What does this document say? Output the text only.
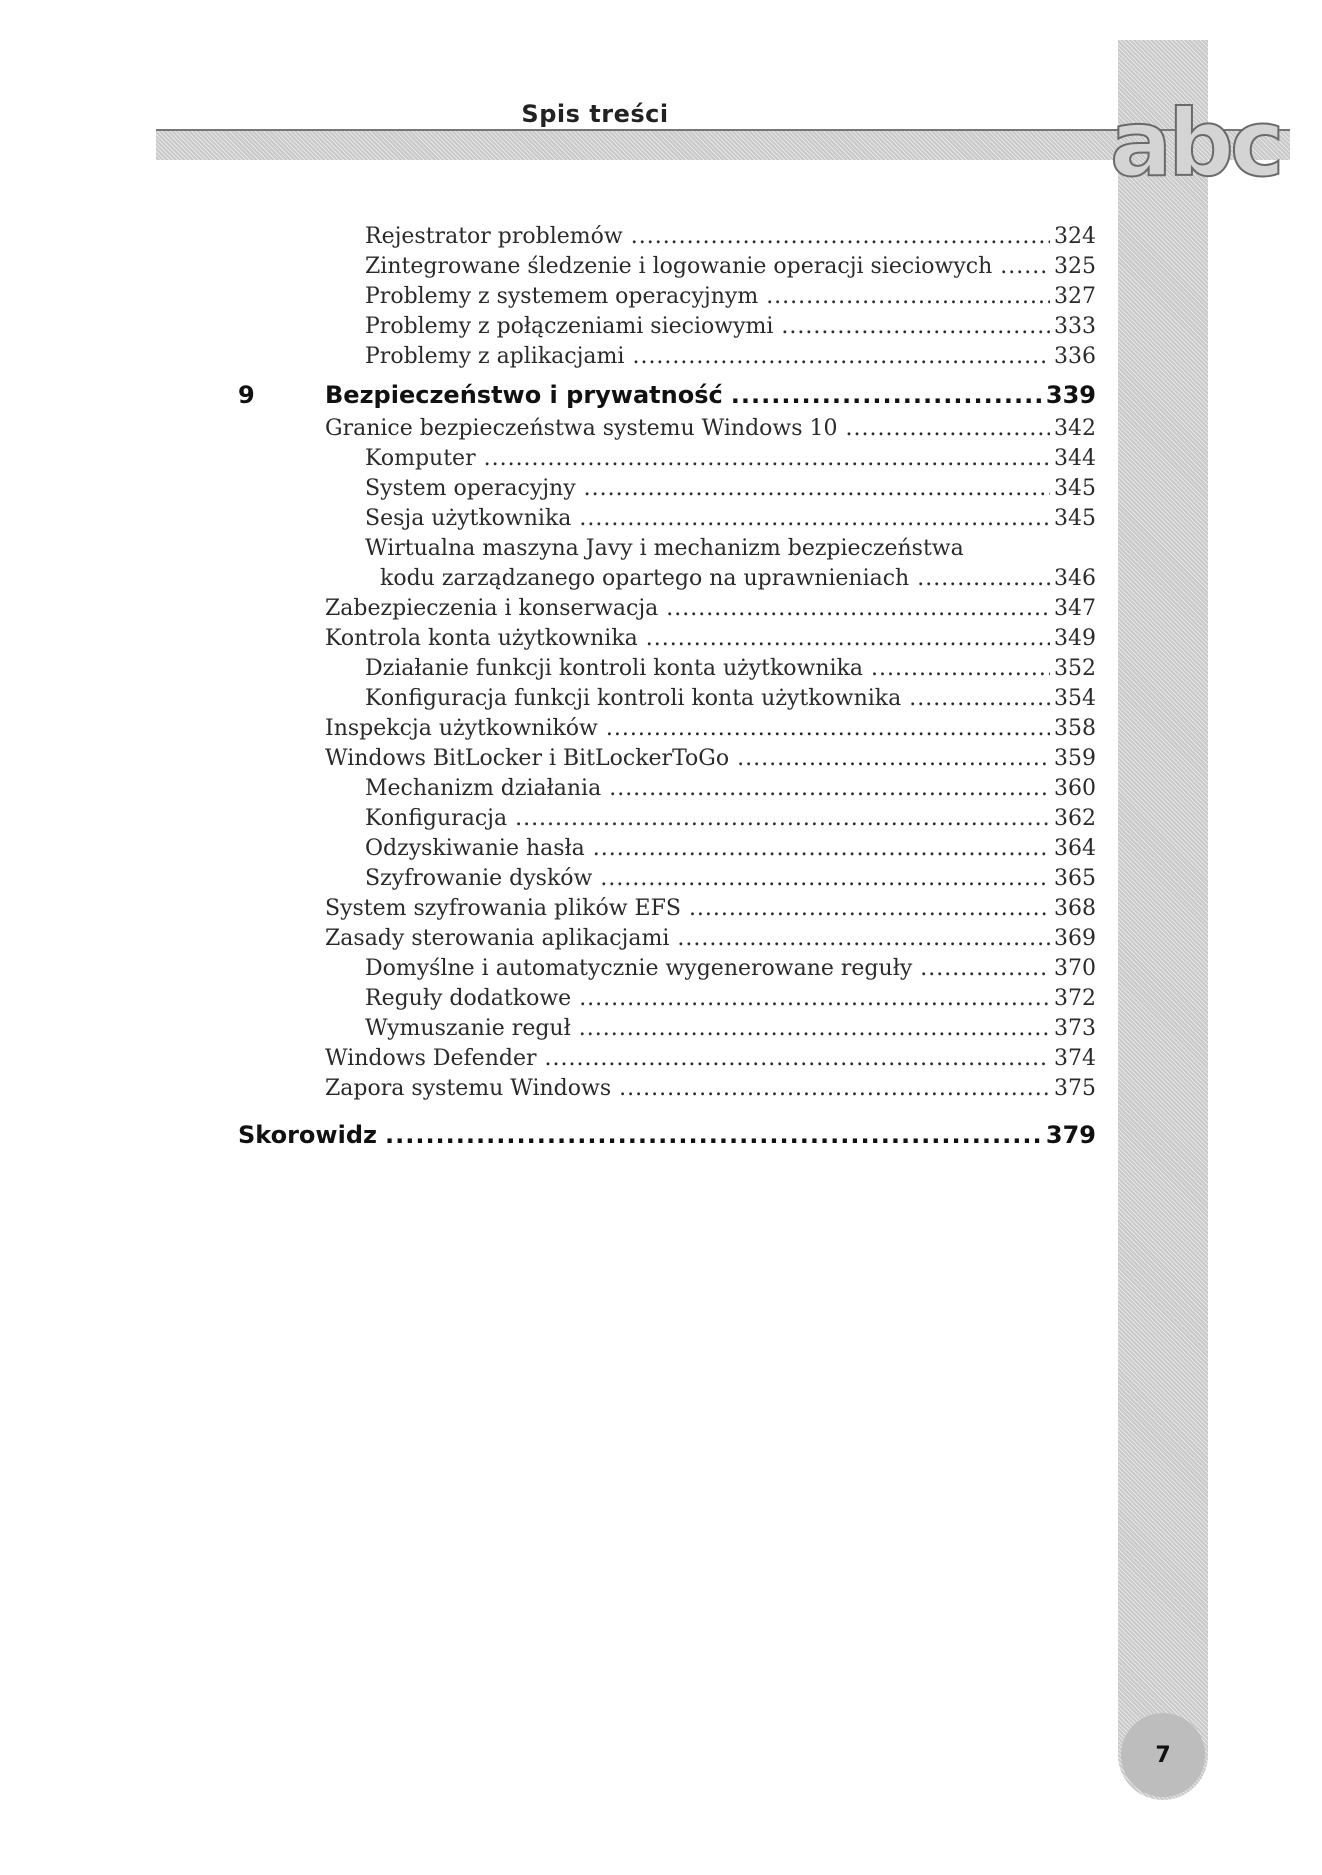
Spis treści	abc
Rejestrator problemów .....	324
Zintegrowane śledzenie i logowanie operacji sieciowych .....	325
Problemy z systemem operacyjnym .....	327
Problemy z połączeniami sieciowymi .....	333
Problemy z aplikacjami .....	336
9	Bezpieczeństwo i prywatność .....	339
Granice bezpieczeństwa systemu Windows 10 .....	342
Komputer .....	344
System operacyjny .....	345
Sesja użytkownika .....	345
Wirtualna maszyna Javy i mechanizm bezpieczeństwa
kodu zarządzanego opartego na uprawnieniach .....	346
Zabezpieczenia i konserwacja .....	347
Kontrola konta użytkownika .....	349
Działanie funkcji kontroli konta użytkownika .....	352
Konfiguracja funkcji kontroli konta użytkownika .....	354
Inspekcja użytkowników .....	358
Windows BitLocker i BitLockerToGo .....	359
Mechanizm działania .....	360
Konfiguracja .....	362
Odzyskiwanie hasła .....	364
Szyfrowanie dysków .....	365
System szyfrowania plików EFS .....	368
Zasady sterowania aplikacjami .....	369
Domyślne i automatycznie wygenerowane reguły .....	370
Reguły dodatkowe .....	372
Wymuszanie reguł .....	373
Windows Defender .....	374
Zapora systemu Windows .....	375
Skorowidz .....	379
7
